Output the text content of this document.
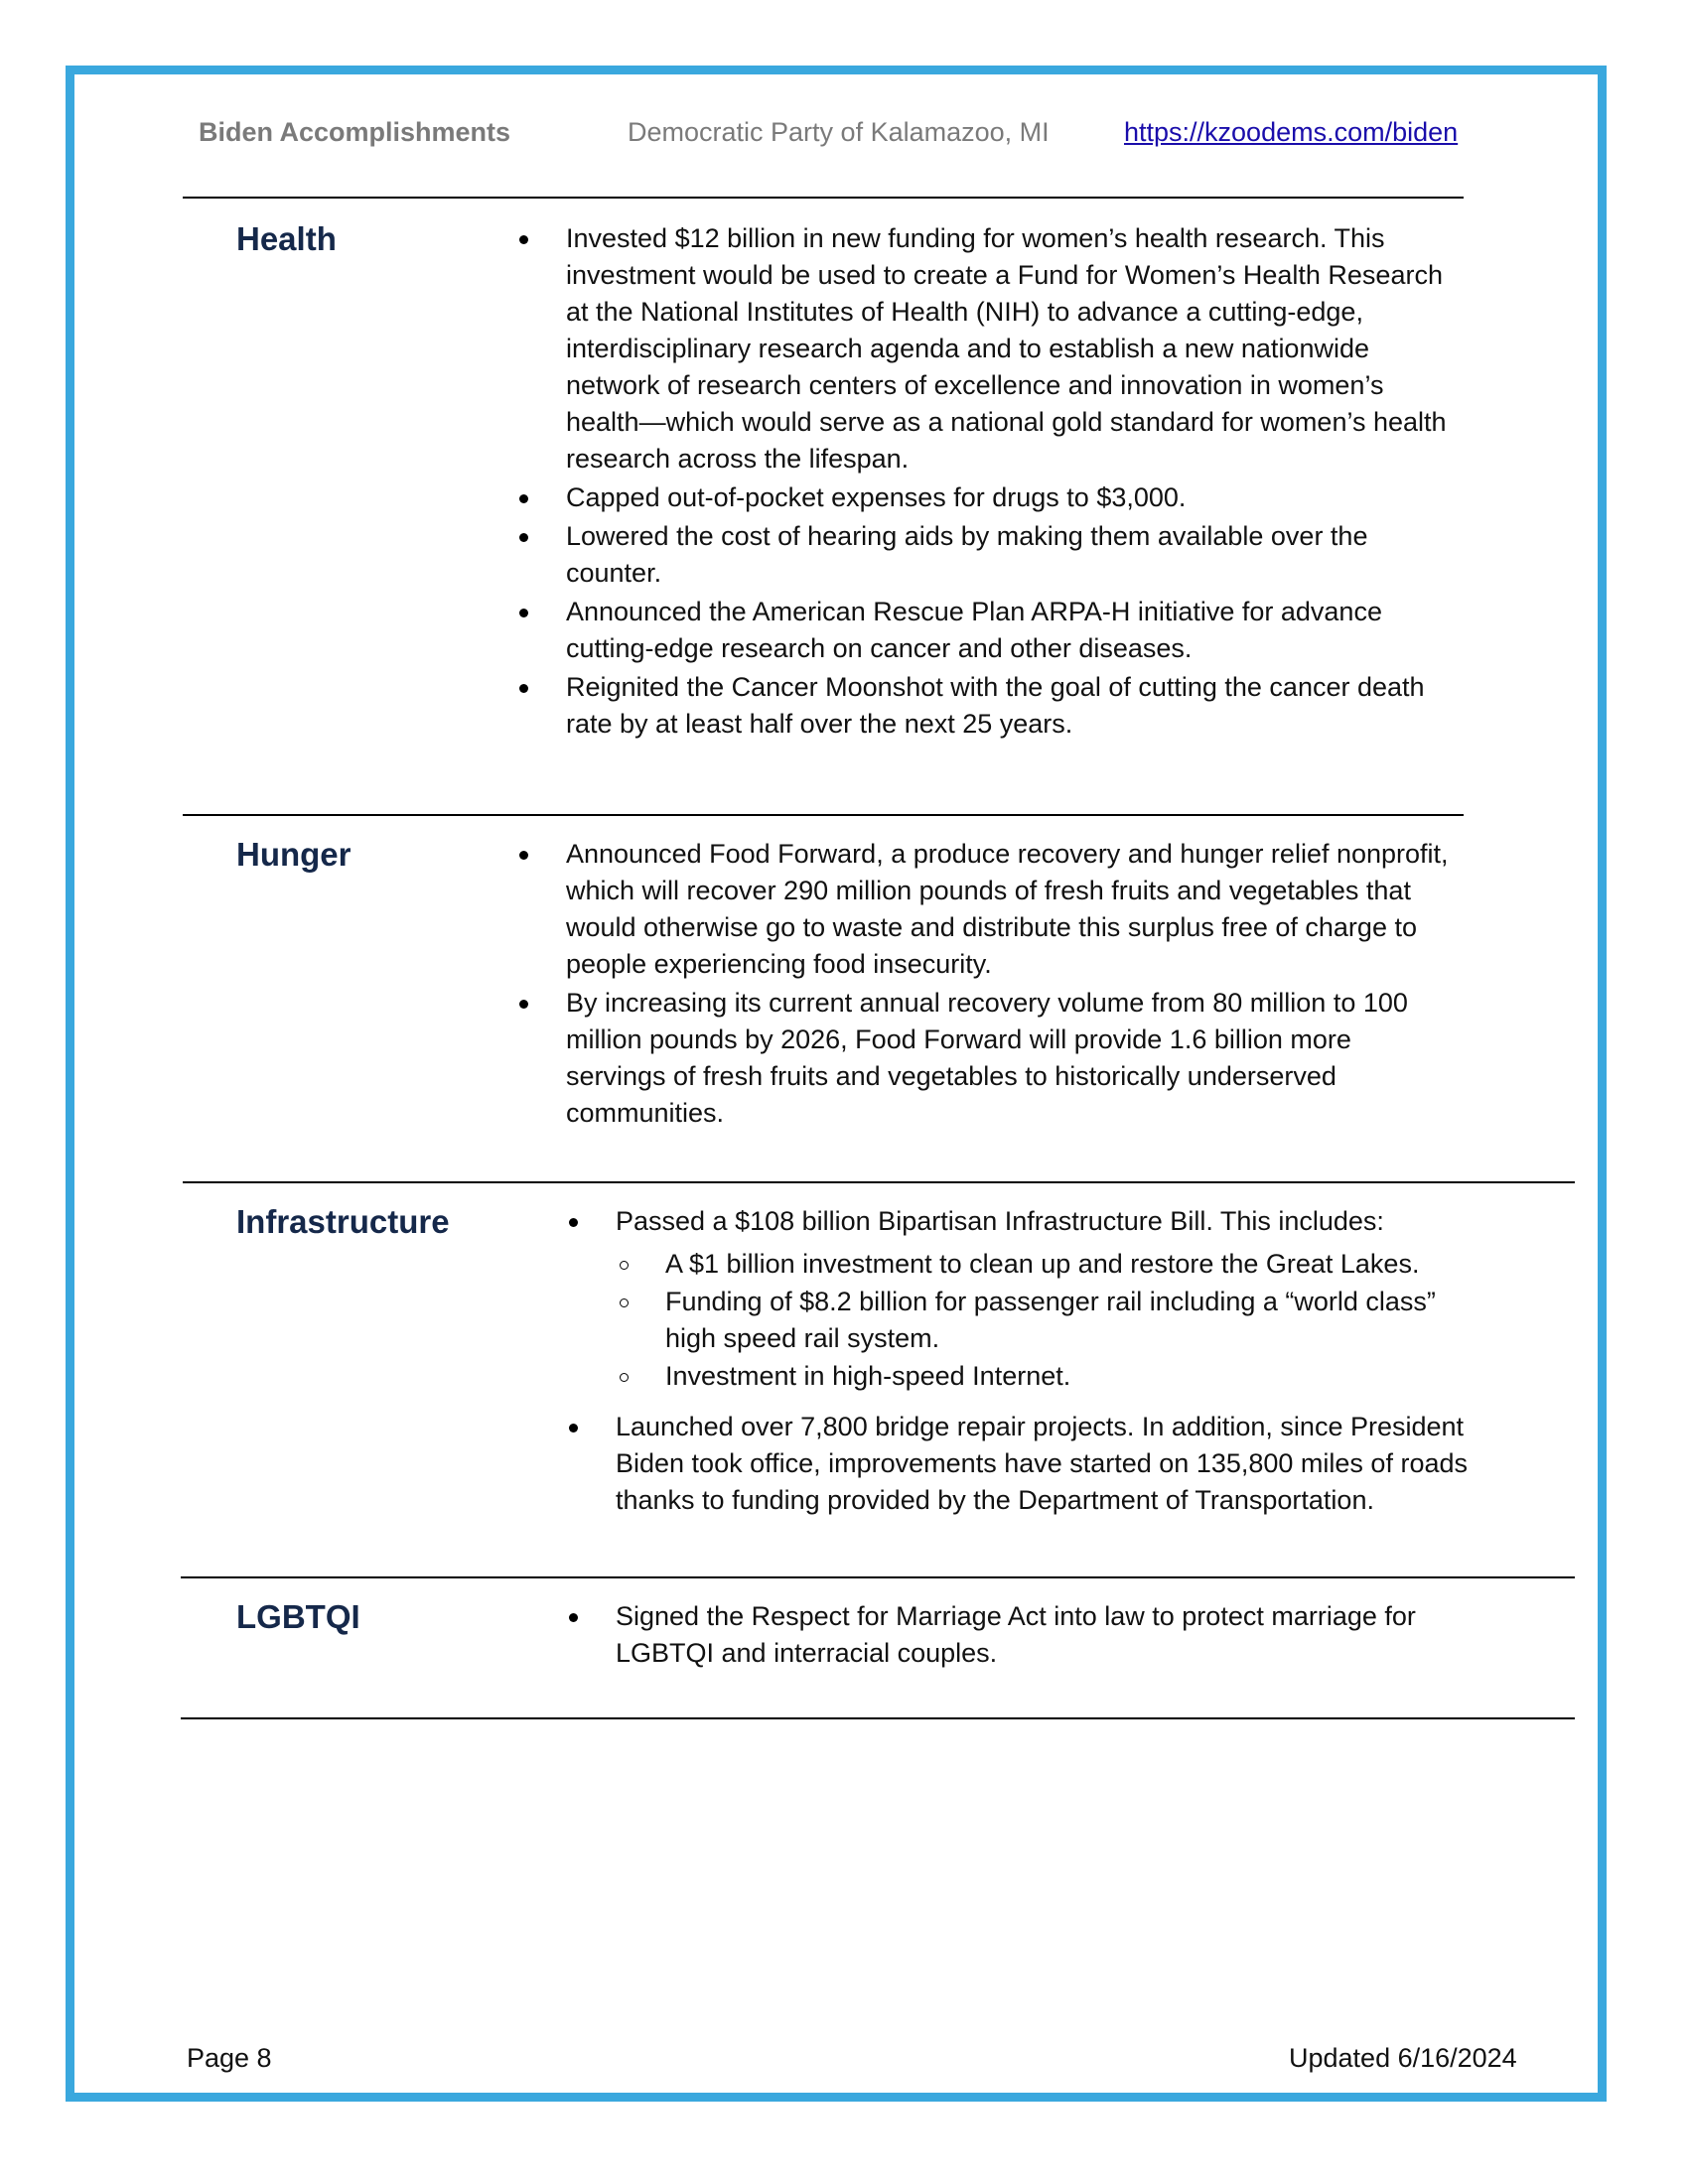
Biden Accomplishments	Democratic Party of Kalamazoo, MI	https://kzoodems.com/biden
Health	Invested $12 billion in new funding for women’s health research. This investment would be used to create a Fund for Women’s Health Research at the National Institutes of Health (NIH) to advance a cutting-edge, interdisciplinary research agenda and to establish a new nationwide network of research centers of excellence and innovation in women’s health—which would serve as a national gold standard for women’s health research across the lifespan.
Capped out-of-pocket expenses for drugs to $3,000.
Lowered the cost of hearing aids by making them available over the counter.
Announced the American Rescue Plan ARPA-H initiative for advance cutting-edge research on cancer and other diseases.
Reignited the Cancer Moonshot with the goal of cutting the cancer death rate by at least half over the next 25 years.
Hunger	Announced Food Forward, a produce recovery and hunger relief nonprofit, which will recover 290 million pounds of fresh fruits and vegetables that would otherwise go to waste and distribute this surplus free of charge to people experiencing food insecurity.
By increasing its current annual recovery volume from 80 million to 100 million pounds by 2026, Food Forward will provide 1.6 billion more servings of fresh fruits and vegetables to historically underserved communities.
Infrastructure	Passed a $108 billion Bipartisan Infrastructure Bill. This includes:
A $1 billion investment to clean up and restore the Great Lakes.
Funding of $8.2 billion for passenger rail including a “world class” high speed rail system.
Investment in high-speed Internet.
Launched over 7,800 bridge repair projects. In addition, since President Biden took office, improvements have started on 135,800 miles of roads thanks to funding provided by the Department of Transportation.
LGBTQI	Signed the Respect for Marriage Act into law to protect marriage for LGBTQI and interracial couples.
Page 8	Updated 6/16/2024
